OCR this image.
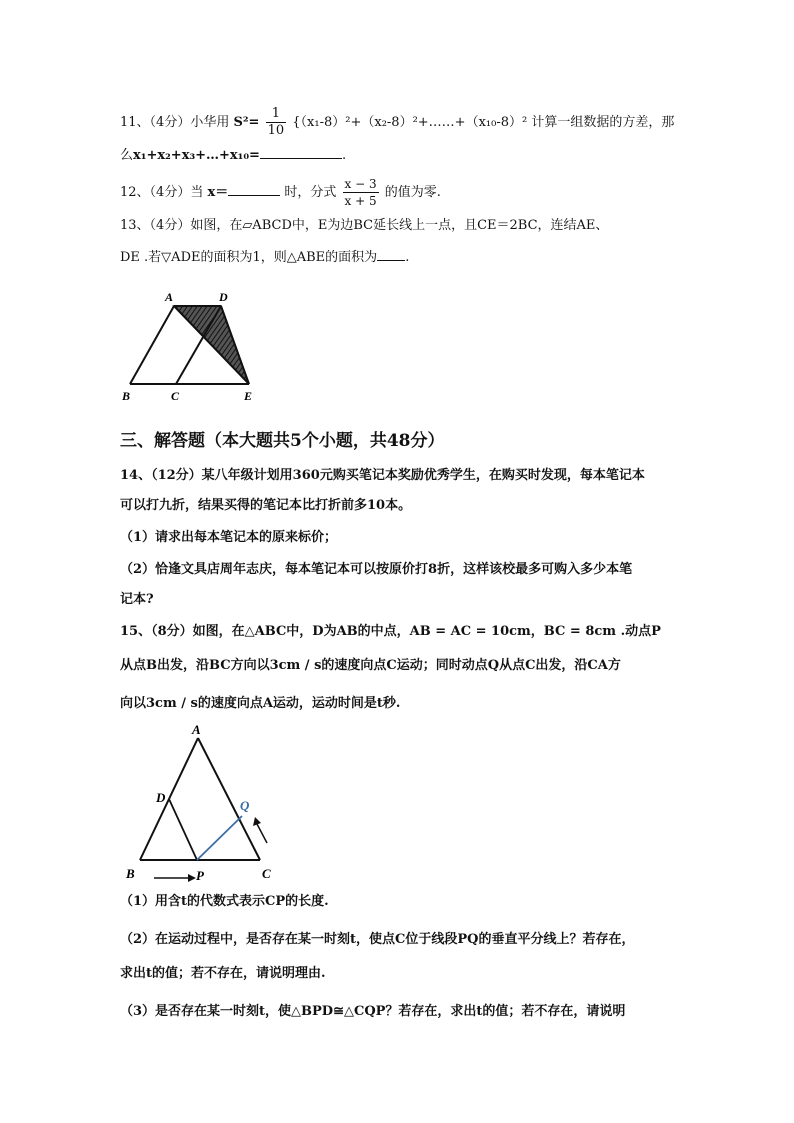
11、（4分）小华用 $S^2= \frac{1}{10}$ {（x₁-8）²+（x₂-8）²+……+（x₁₀-8）² 计算一组数据的方差，那
么x₁+x₂+x₃+…+x₁₀=	.
12、（4分）当 x＝	时，分式 $\frac{x - 3}{x + 5}$ 的值为零.
13、（4分）如图，在▱ABCD中，E为边BC延长线上一点，且CE＝2BC，连结AE、
DE .若▽ADE的面积为1，则△ABE的面积为 .
A	D
B	C	E
三、解答题（本大题共5个小题，共48分）
14、（12分）某八年级计划用360元购买笔记本奖励优秀学生，在购买时发现，每本笔记本
可以打九折，结果买得的笔记本比打折前多10本。
（1）请求出每本笔记本的原来标价；
（2）恰逢文具店周年志庆，每本笔记本可以按原价打8折，这样该校最多可购入多少本笔
记本?
15、（8分）如图，在△ABC中，D为AB的中点，AB = AC = 10cm，BC = 8cm .动点P
从点B出发，沿BC方向以3cm / s的速度向点C运动；同时动点Q从点C出发，沿CA方
向以3cm / s的速度向点A运动，运动时间是t秒.
A
D
Q
B	P	C
（1）用含t的代数式表示CP的长度.
（2）在运动过程中，是否存在某一时刻t，使点C位于线段PQ的垂直平分线上？若存在，
求出t的值；若不存在，请说明理由.
（3）是否存在某一时刻t，使△BPD≅△CQP？若存在，求出t的值；若不存在，请说明
